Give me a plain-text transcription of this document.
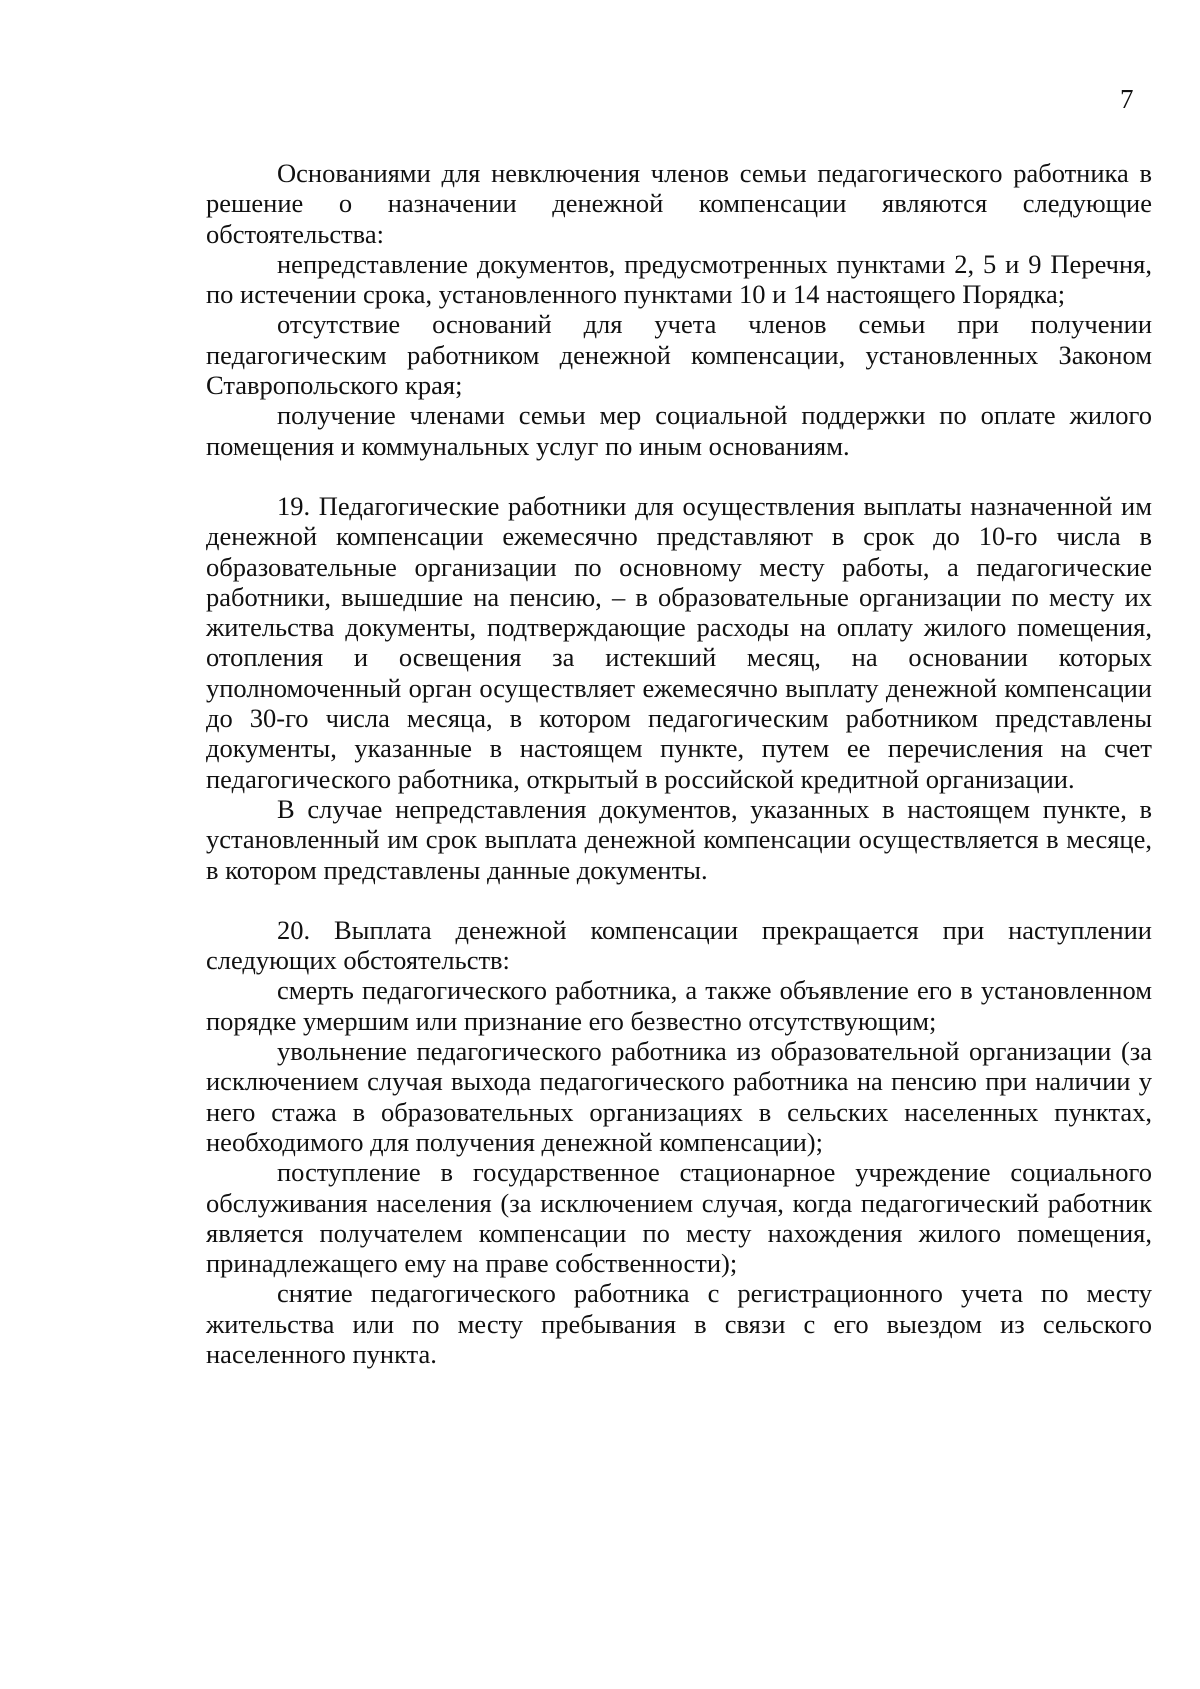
7

Основаниями для невключения членов семьи педагогического работника в решение о назначении денежной компенсации являются следующие обстоятельства:

непредставление документов, предусмотренных пунктами 2, 5 и 9 Перечня, по истечении срока, установленного пунктами 10 и 14 настоящего Порядка;

отсутствие оснований для учета членов семьи при получении педагогическим работником денежной компенсации, установленных Законом Ставропольского края;

получение членами семьи мер социальной поддержки по оплате жилого помещения и коммунальных услуг по иным основаниям.

19. Педагогические работники для осуществления выплаты назначенной им денежной компенсации ежемесячно представляют в срок до 10-го числа в образовательные организации по основному месту работы, а педагогические работники, вышедшие на пенсию, – в образовательные организации по месту их жительства документы, подтверждающие расходы на оплату жилого помещения, отопления и освещения за истекший месяц, на основании которых уполномоченный орган осуществляет ежемесячно выплату денежной компенсации до 30-го числа месяца, в котором педагогическим работником представлены документы, указанные в настоящем пункте, путем ее перечисления на счет педагогического работника, открытый в российской кредитной организации.

В случае непредставления документов, указанных в настоящем пункте, в установленный им срок выплата денежной компенсации осуществляется в месяце, в котором представлены данные документы.

20. Выплата денежной компенсации прекращается при наступлении следующих обстоятельств:

смерть педагогического работника, а также объявление его в установленном порядке умершим или признание его безвестно отсутствующим;

увольнение педагогического работника из образовательной организации (за исключением случая выхода педагогического работника на пенсию при наличии у него стажа в образовательных организациях в сельских населенных пунктах, необходимого для получения денежной компенсации);

поступление в государственное стационарное учреждение социального обслуживания населения (за исключением случая, когда педагогический работник является получателем компенсации по месту нахождения жилого помещения, принадлежащего ему на праве собственности);

снятие педагогического работника с регистрационного учета по месту жительства или по месту пребывания в связи с его выездом из сельского населенного пункта.
